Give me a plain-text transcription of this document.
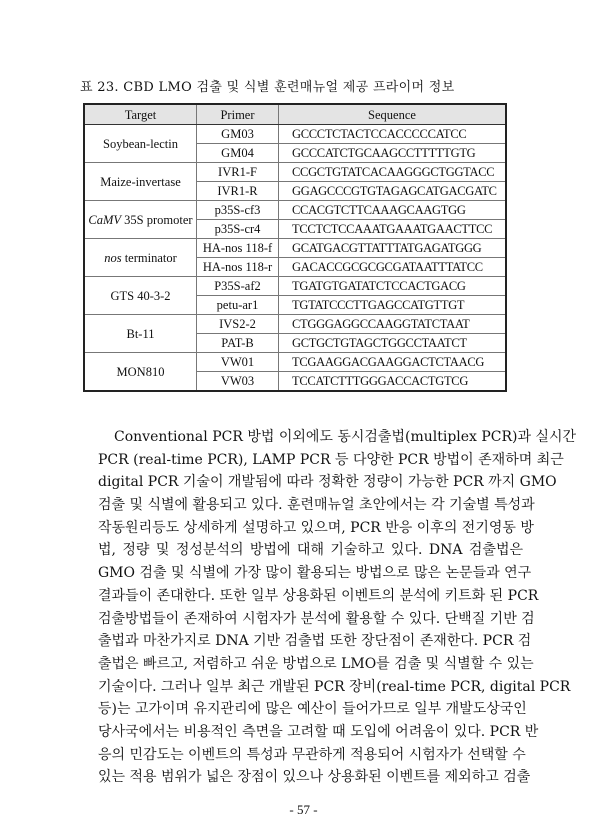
표 23. CBD LMO 검출 및 식별 훈련매뉴얼 제공 프라이머 정보
Target	Primer	Sequence
Soybean-lectin	GM03	GCCCTCTACTCCACCCCCATCC
	GM04	GCCCATCTGCAAGCCTTTTTGTG
Maize-invertase	IVR1-F	CCGCTGTATCACAAGGGCTGGTACC
	IVR1-R	GGAGCCCGTGTAGAGCATGACGATC
CaMV 35S promoter	p35S-cf3	CCACGTCTTCAAAGCAAGTGG
	p35S-cr4	TCCTCTCCAAATGAAATGAACTTCC
nos terminator	HA-nos 118-f	GCATGACGTTATTTATGAGATGGG
	HA-nos 118-r	GACACCGCGCGCGATAATTTATCC
GTS 40-3-2	P35S-af2	TGATGTGATATCTCCACTGACG
	petu-ar1	TGTATCCCTTGAGCCATGTTGT
Bt-11	IVS2-2	CTGGGAGGCCAAGGTATCTAAT
	PAT-B	GCTGCTGTAGCTGGCCTAATCT
MON810	VW01	TCGAAGGACGAAGGACTCTAACG
	VW03	TCCATCTTTGGGACCACTGTCG
Conventional PCR 방법 이외에도 동시검출법(multiplex PCR)과 실시간
PCR (real-time PCR), LAMP PCR 등 다양한 PCR 방법이 존재하며 최근
digital PCR 기술이 개발됨에 따라 정확한 정량이 가능한 PCR 까지 GMO
검출 및 식별에 활용되고 있다. 훈련매뉴얼 초안에서는 각 기술별 특성과
작동원리등도 상세하게 설명하고 있으며, PCR 반응 이후의 전기영동 방
법, 정량 및 정성분석의 방법에 대해 기술하고 있다. DNA 검출법은
GMO 검출 및 식별에 가장 많이 활용되는 방법으로 많은 논문들과 연구
결과들이 존대한다. 또한 일부 상용화된 이벤트의 분석에 키트화 된 PCR
검출방법들이 존재하여 시험자가 분석에 활용할 수 있다. 단백질 기반 검
출법과 마찬가지로 DNA 기반 검출법 또한 장단점이 존재한다. PCR 검
출법은 빠르고, 저렴하고 쉬운 방법으로 LMO를 검출 및 식별할 수 있는
기술이다. 그러나 일부 최근 개발된 PCR 장비(real-time PCR, digital PCR
등)는 고가이며 유지관리에 많은 예산이 들어가므로 일부 개발도상국인
당사국에서는 비용적인 측면을 고려할 때 도입에 어려움이 있다. PCR 반
응의 민감도는 이벤트의 특성과 무관하게 적용되어 시험자가 선택할 수
있는 적용 범위가 넓은 장점이 있으나 상용화된 이벤트를 제외하고 검출
- 57 -
